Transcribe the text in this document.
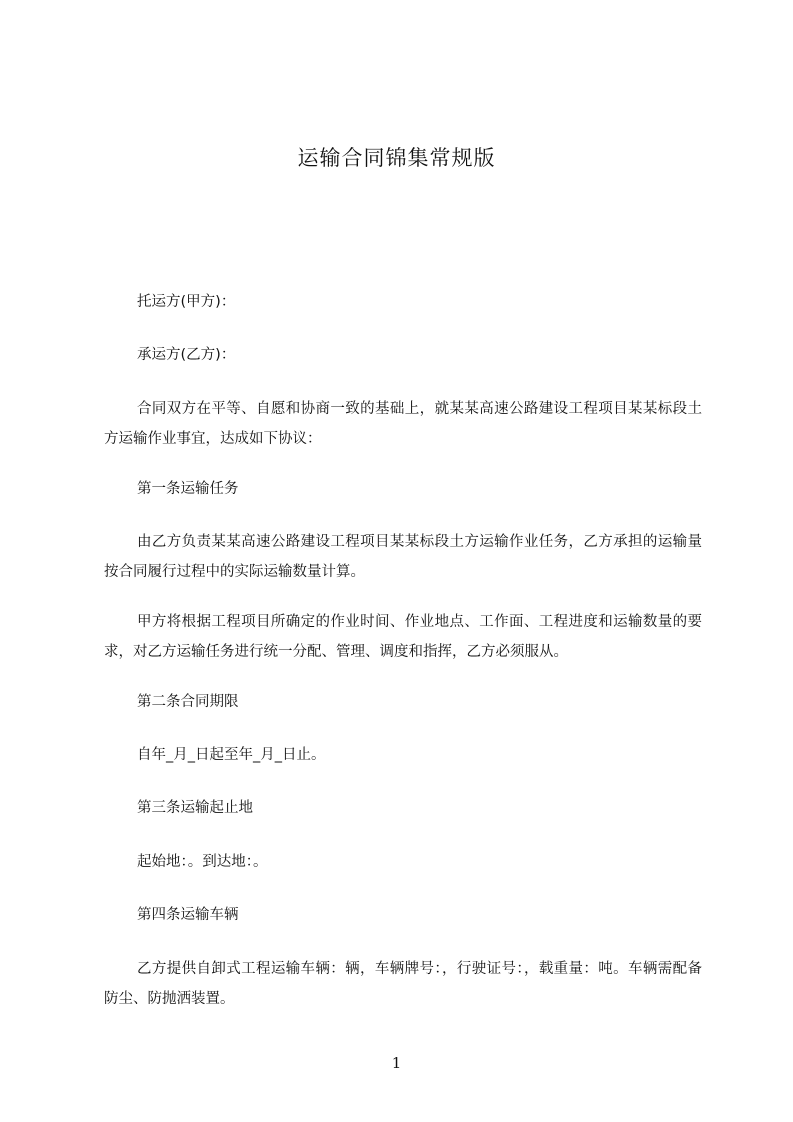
运输合同锦集常规版

托运方(甲方)：

承运方(乙方)：

合同双方在平等、自愿和协商一致的基础上，就某某高速公路建设工程项目某某标段土方运输作业事宜，达成如下协议：

第一条运输任务

由乙方负责某某高速公路建设工程项目某某标段土方运输作业任务，乙方承担的运输量按合同履行过程中的实际运输数量计算。

甲方将根据工程项目所确定的作业时间、作业地点、工作面、工程进度和运输数量的要求，对乙方运输任务进行统一分配、管理、调度和指挥，乙方必须服从。

第二条合同期限

自年_月_日起至年_月_日止。

第三条运输起止地

起始地：。到达地：。

第四条运输车辆

乙方提供自卸式工程运输车辆：辆，车辆牌号：，行驶证号：，载重量：吨。车辆需配备防尘、防抛洒装置。

1
